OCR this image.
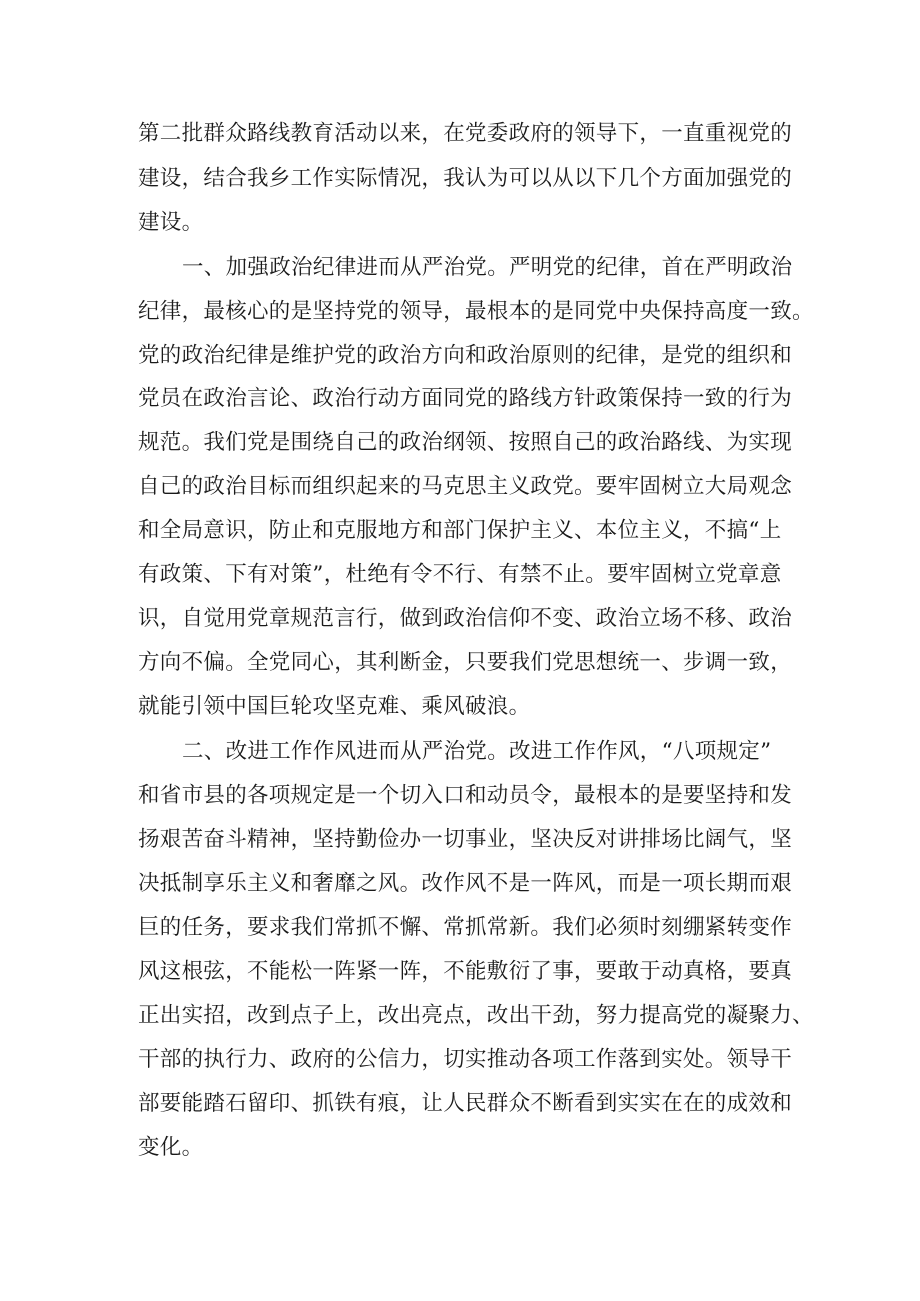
第二批群众路线教育活动以来，在党委政府的领导下，一直重视党的
建设，结合我乡工作实际情况，我认为可以从以下几个方面加强党的
建设。
一、加强政治纪律进而从严治党。严明党的纪律，首在严明政治
纪律，最核心的是坚持党的领导，最根本的是同党中央保持高度一致。
党的政治纪律是维护党的政治方向和政治原则的纪律，是党的组织和
党员在政治言论、政治行动方面同党的路线方针政策保持一致的行为
规范。我们党是围绕自己的政治纲领、按照自己的政治路线、为实现
自己的政治目标而组织起来的马克思主义政党。要牢固树立大局观念
和全局意识，防止和克服地方和部门保护主义、本位主义，不搞“上
有政策、下有对策”，杜绝有令不行、有禁不止。要牢固树立党章意
识，自觉用党章规范言行，做到政治信仰不变、政治立场不移、政治
方向不偏。全党同心，其利断金，只要我们党思想统一、步调一致，
就能引领中国巨轮攻坚克难、乘风破浪。
二、改进工作作风进而从严治党。改进工作作风，“八项规定”
和省市县的各项规定是一个切入口和动员令，最根本的是要坚持和发
扬艰苦奋斗精神，坚持勤俭办一切事业，坚决反对讲排场比阔气，坚
决抵制享乐主义和奢靡之风。改作风不是一阵风，而是一项长期而艰
巨的任务，要求我们常抓不懈、常抓常新。我们必须时刻绷紧转变作
风这根弦，不能松一阵紧一阵，不能敷衍了事，要敢于动真格，要真
正出实招，改到点子上，改出亮点，改出干劲，努力提高党的凝聚力、
干部的执行力、政府的公信力，切实推动各项工作落到实处。领导干
部要能踏石留印、抓铁有痕，让人民群众不断看到实实在在的成效和
变化。
